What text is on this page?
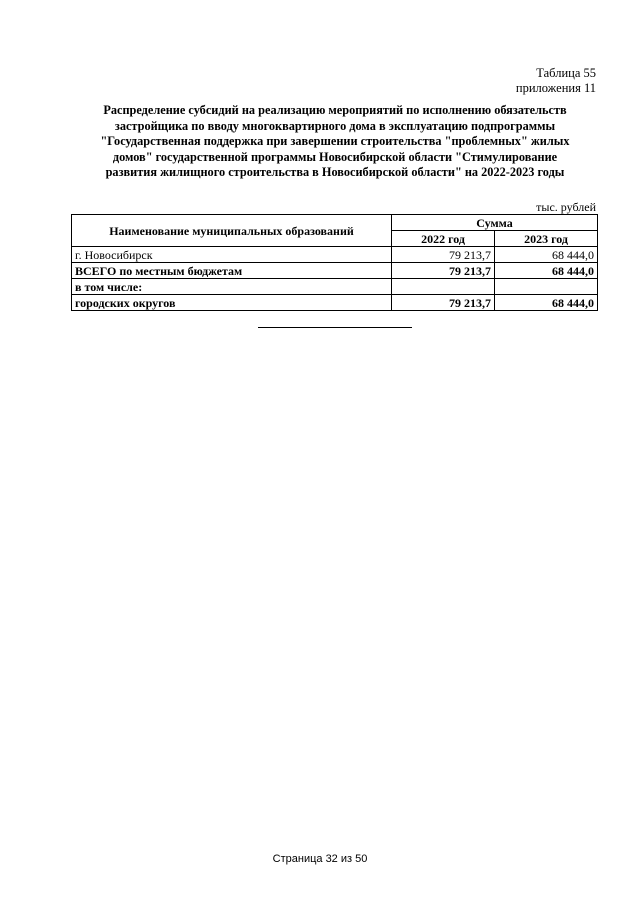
Таблица 55
приложения 11
Распределение субсидий на реализацию мероприятий по исполнению обязательств
застройщика по вводу многоквартирного дома в эксплуатацию подпрограммы
"Государственная поддержка при завершении строительства "проблемных" жилых
домов" государственной программы Новосибирской области "Стимулирование
развития жилищного строительства в Новосибирской области" на 2022-2023 годы
тыс. рублей
Наименование муниципальных образований	Сумма	
	2022 год	2023 год
г. Новосибирск	79 213,7	68 444,0
ВСЕГО по местным бюджетам	79 213,7	68 444,0
в том числе:		
городских округов	79 213,7	68 444,0
Страница 32 из 50
